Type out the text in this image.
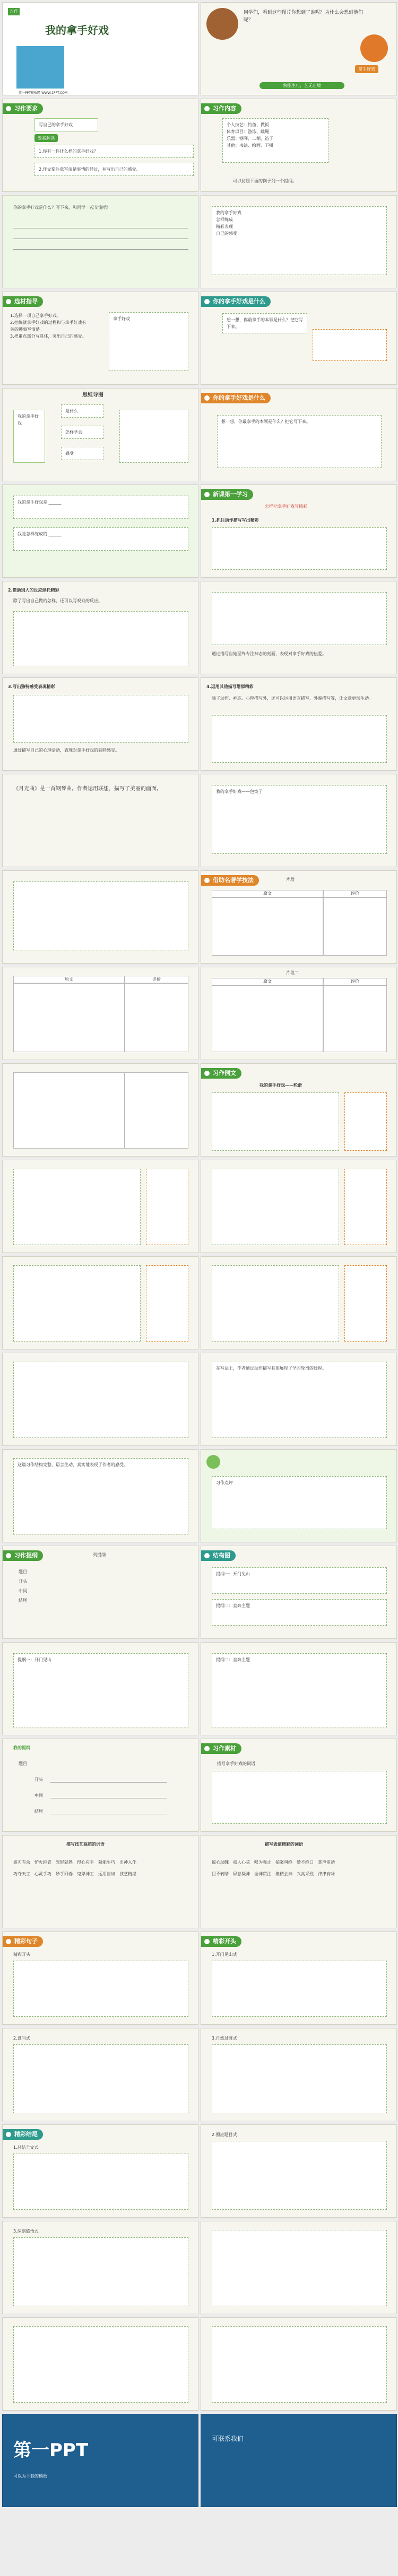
习作
我的拿手好戏
第一PPT模板网-WWW.1PPT.COM
同学们，看到这些图片你想到了谁呢？为什么会想到他们呢？
拿手好戏
熟能生巧，艺无止境
习作要求
写自己的拿手好戏
要素解读
1.你有一件什么样的拿手好戏？
2.作文要注意写清楚事情的经过，并写出自己的感受。
习作内容
个人技艺：钓鱼、做饭
体育项目：游泳、跳绳
乐器：钢琴、二胡、笛子
其他：书法、绘画、下棋
可以仿照下面的例子列一个提纲。
你的拿手好戏是什么？写下来，和同学一起交流吧！
我的拿手好戏
怎样练成
精彩表现
自己的感受
选材指导
1.选择一项自己拿手好戏。
2.把练就拿手好戏的过程和与拿手好戏有关的趣事写清楚。
3.把重点部分写具体，突出自己的感受。
拿手好戏
你的拿手好戏是什么
想一想，你最拿手的本领是什么？把它写下来。
思维导图
我的拿手好戏
是什么
怎样学会
感受
你的拿手好戏是什么
想一想，你最拿手的本领是什么？把它写下来。
我的拿手好戏是 ______
我是怎样练成的 ______
新课第一学习
怎样把拿手好戏写精彩
1.抓住动作描写写出精彩
2.借助别人的反应烘托精彩
除了写出自己做的怎样，还可以写观众的反应。
通过描写自始至终专注神态的刻画，表现对拿手好戏的热爱。
3.写出独特感受表现精彩
通过描写自己的心理活动，表现对拿手好戏的独特感受。
4.运用其他描写增添精彩
除了动作、神态、心理描写外，还可以运用语言描写、外貌描写等，让文章更加生动。
《月光曲》是一首钢琴曲。作者运用联想，描写了美丽的画面。	我的拿手好戏——包饺子
借助名著学技法	片段
原文	评价
原文	评价
片段二
原文	评价
习作例文
我的拿手好戏——轮滑
在写法上，作者通过动作描写具体展现了学习轮滑的过程。
这篇习作结构完整，语言生动，真实地表现了作者的感受。
习作点评
习作提纲	列提纲
题目
开头
中间
结尾
结构图
提纲一：开门见山
提纲二：直奔主题
提纲一：开门见山	提纲二：直奔主题
我的提纲
题目
开头
中间
结尾
习作素材
描写拿手好戏的词语
描写技艺高超的词语
游刃有余　 炉火纯青　 驾轻就熟　 得心应手　 熟能生巧　 出神入化
巧夺天工　 心灵手巧　 妙手回春　 鬼斧神工　 运用自如　 技艺精湛
描写表演精彩的词语
惊心动魄　 扣人心弦　 叹为观止　 拍案叫绝　 赞不绝口　 掌声雷动
目不转睛　 屏息凝神　 全神贯注　 聚精会神　 兴高采烈　 津津有味
精彩句子
精彩开头
精彩开头
1.开门见山式
2.设问式	3.自然过渡式
精彩结尾
1.总结全文式
2.照应题目式
3.深刻感悟式
第一PPT
可以为下载的模板
可联系我们
